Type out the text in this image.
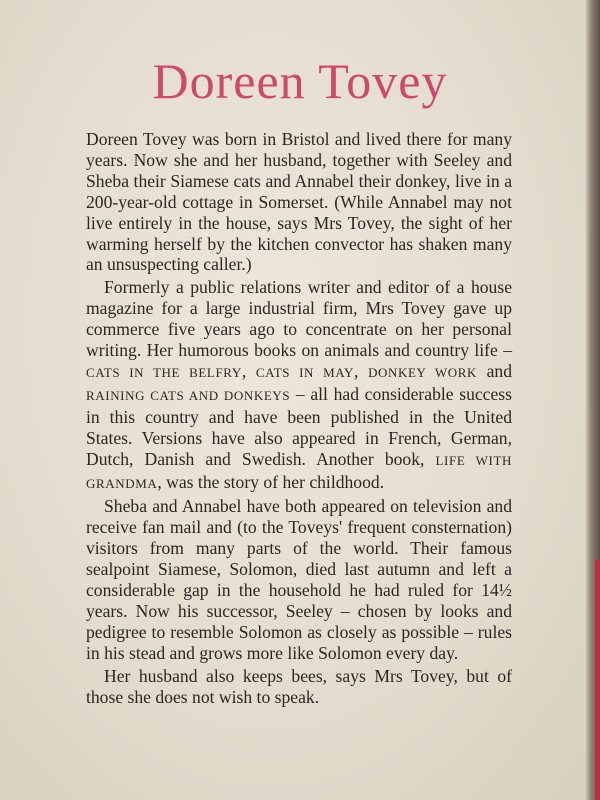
Doreen Tovey

Doreen Tovey was born in Bristol and lived there for many years. Now she and her husband, together with Seeley and Sheba their Siamese cats and Annabel their donkey, live in a 200-year-old cottage in Somerset. (While Annabel may not live entirely in the house, says Mrs Tovey, the sight of her warming herself by the kitchen convector has shaken many an unsuspecting caller.)

Formerly a public relations writer and editor of a house magazine for a large industrial firm, Mrs Tovey gave up commerce five years ago to concentrate on her personal writing. Her humorous books on animals and country life – CATS IN THE BELFRY, CATS IN MAY, DONKEY WORK and RAINING CATS AND DONKEYS – all had considerable success in this country and have been published in the United States. Versions have also appeared in French, German, Dutch, Danish and Swedish. Another book, LIFE WITH GRANDMA, was the story of her childhood.

Sheba and Annabel have both appeared on television and receive fan mail and (to the Toveys' frequent consternation) visitors from many parts of the world. Their famous sealpoint Siamese, Solomon, died last autumn and left a considerable gap in the household he had ruled for 14½ years. Now his successor, Seeley – chosen by looks and pedigree to resemble Solomon as closely as possible – rules in his stead and grows more like Solomon every day.

Her husband also keeps bees, says Mrs Tovey, but of those she does not wish to speak.
